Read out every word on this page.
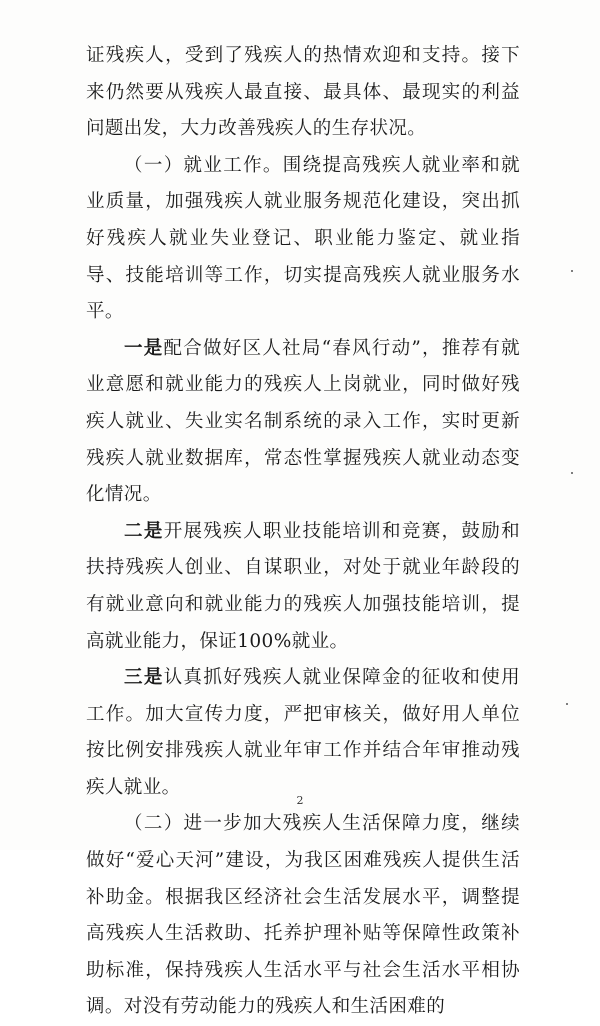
证残疾人，受到了残疾人的热情欢迎和支持。接下来仍然要从残疾人最直接、最具体、最现实的利益问题出发，大力改善残疾人的生存状况。

（一）就业工作。围绕提高残疾人就业率和就业质量，加强残疾人就业服务规范化建设，突出抓好残疾人就业失业登记、职业能力鉴定、就业指导、技能培训等工作，切实提高残疾人就业服务水平。

一是配合做好区人社局“春风行动”，推荐有就业意愿和就业能力的残疾人上岗就业，同时做好残疾人就业、失业实名制系统的录入工作，实时更新残疾人就业数据库，常态性掌握残疾人就业动态变化情况。

二是开展残疾人职业技能培训和竞赛，鼓励和扶持残疾人创业、自谋职业，对处于就业年龄段的有就业意向和就业能力的残疾人加强技能培训，提高就业能力，保证100%就业。

三是认真抓好残疾人就业保障金的征收和使用工作。加大宣传力度，严把审核关，做好用人单位按比例安排残疾人就业年审工作并结合年审推动残疾人就业。

（二）进一步加大残疾人生活保障力度，继续做好“爱心天河”建设，为我区困难残疾人提供生活补助金。根据我区经济社会生活发展水平，调整提高残疾人生活救助、托养护理补贴等保障性政策补助标准，保持残疾人生活水平与社会生活水平相协调。对没有劳动能力的残疾人和生活困难的

2
